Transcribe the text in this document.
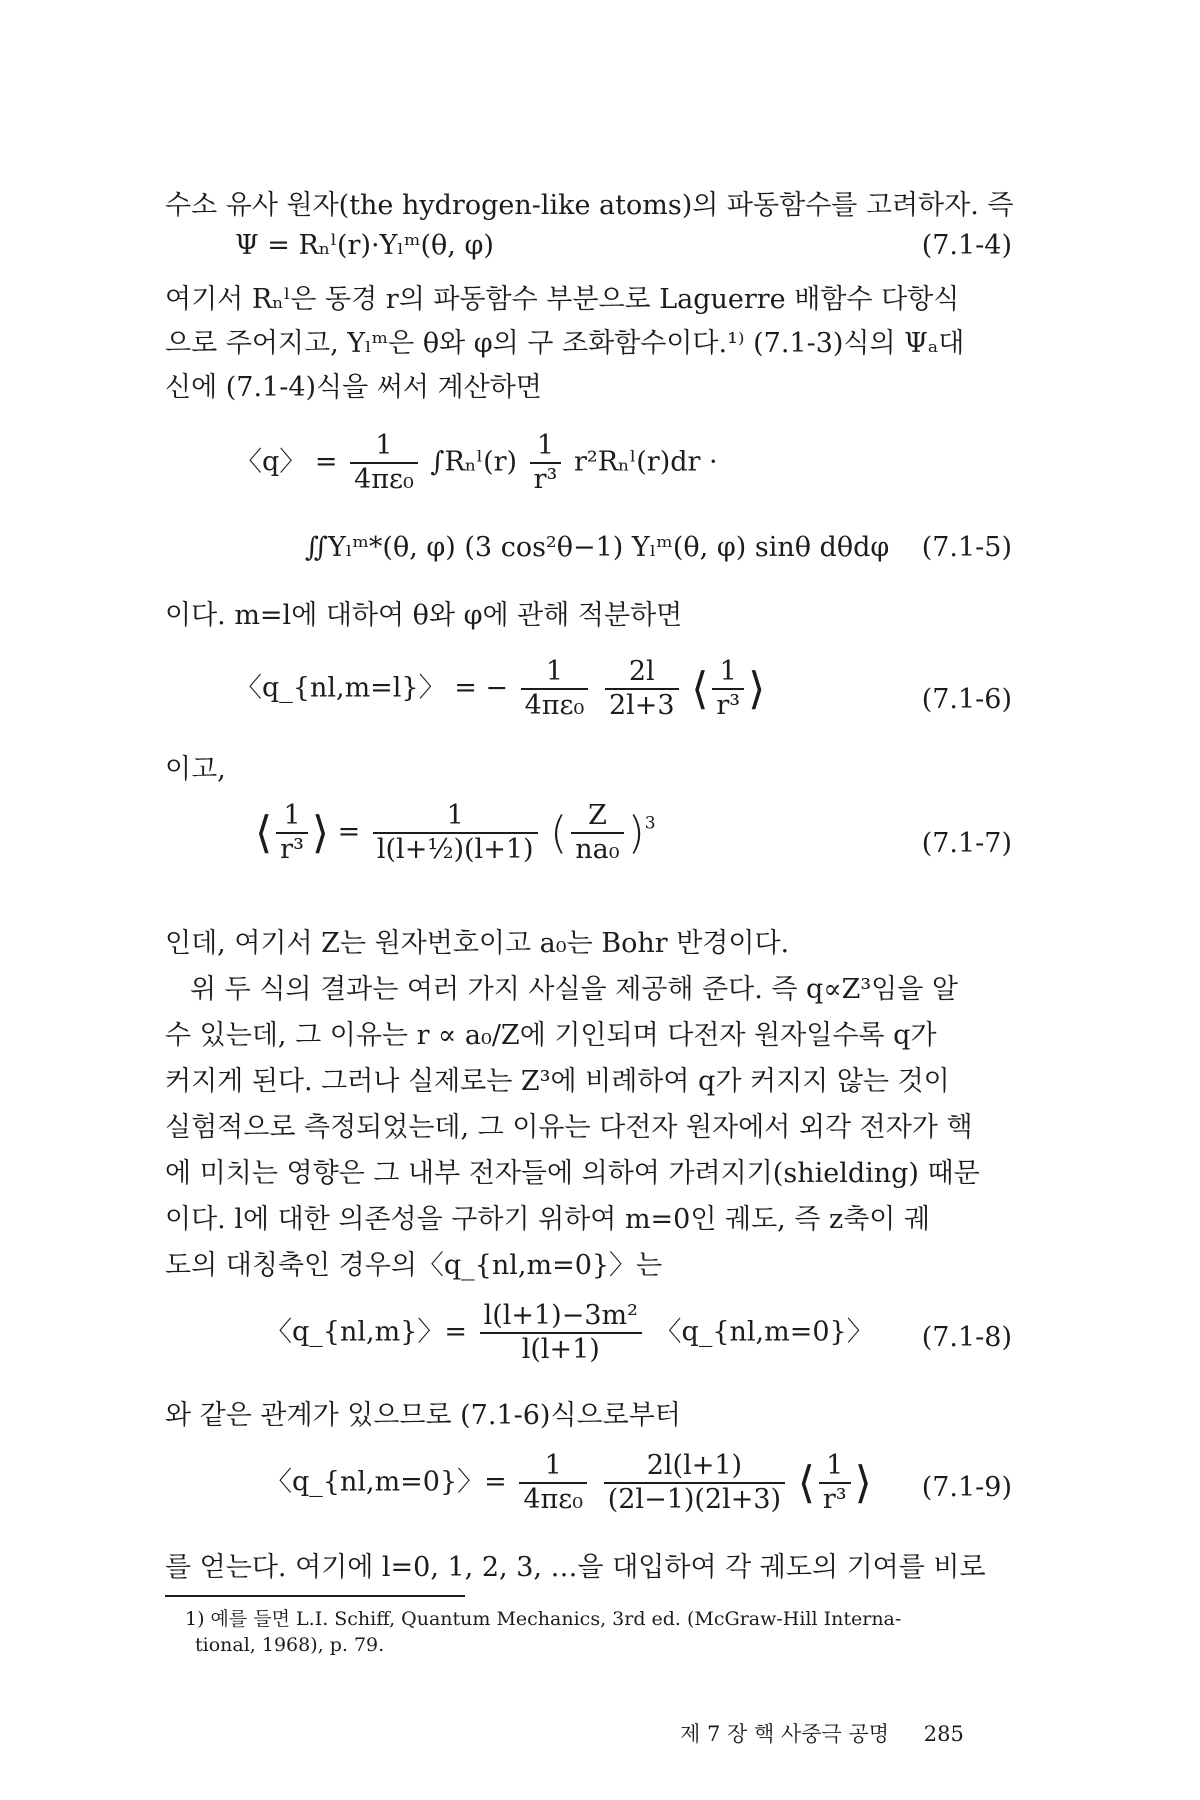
수소 유사 원자(the hydrogen-like atoms)의 파동함수를 고려하자. 즉
Ψ = Rₙˡ(r)·Yₗᵐ(θ, φ)	(7.1-4)
여기서 Rₙˡ은 동경 r의 파동함수 부분으로 Laguerre 배함수 다항식
으로 주어지고, Yₗᵐ은 θ와 φ의 구 조화함수이다.¹⁾ (7.1-3)식의 Ψₐ대
신에 (7.1-4)식을 써서 계산하면
〈q〉 = $\frac{1}{\text{4πε₀}}$ ∫Rₙˡ(r) $\frac{1}{\text{r³}}$ r²Rₙˡ(r)dr ·
∬Yₗᵐ*(θ, φ) (3 cos²θ−1) Yₗᵐ(θ, φ) sinθ dθdφ (7.1-5)
이다. m=l에 대하여 θ와 φ에 관해 적분하면
〈q_{nl,m=l}〉 = − $\frac{1}{\text{4πε₀}}$
$\frac{2l}{2l+3}$ ⟨ $\frac{1}{\text{r³}}$ ⟩	(7.1-6)
이고,
⟨ $\frac{1}{\text{r³}}$ ⟩ = $\frac{1}{\text{l(l+½)(l+1)}}$ ( $\frac{Z}{\text{na₀}} )^3$
(7.1-7)
인데, 여기서 Z는 원자번호이고 a₀는 Bohr 반경이다.
위 두 식의 결과는 여러 가지 사실을 제공해 준다. 즉 q∝Z³임을 알
수 있는데, 그 이유는 r ∝ a₀/Z에 기인되며 다전자 원자일수록 q가
커지게 된다. 그러나 실제로는 Z³에 비례하여 q가 커지지 않는 것이
실험적으로 측정되었는데, 그 이유는 다전자 원자에서 외각 전자가 핵
에 미치는 영향은 그 내부 전자들에 의하여 가려지기(shielding) 때문
이다. l에 대한 의존성을 구하기 위하여 m=0인 궤도, 즉 z축이 궤
도의 대칭축인 경우의〈q_{nl,m=0}〉는
〈q_{nl,m}〉= $\frac{\text{l(l+1)−3m²}}{l(l+1)}$ 〈q_{nl,m=0}〉 (7.1-8)
와 같은 관계가 있으므로 (7.1-6)식으로부터
〈q_{nl,m=0}〉= $\frac{1}{\text{4πε₀}}$
$\frac{2l(l+1)}{(2l-1)(2l+3)}$ ⟨ $\frac{1}{\text{r³}}$ ⟩ (7.1-9)
를 얻는다. 여기에 l=0, 1, 2, 3, …을 대입하여 각 궤도의 기여를 비로
1) 예를 들면 L.I. Schiff, Quantum Mechanics, 3rd ed. (McGraw-Hill Interna-
tional, 1968), p. 79.
제 7 장 핵 사중극 공명 285
